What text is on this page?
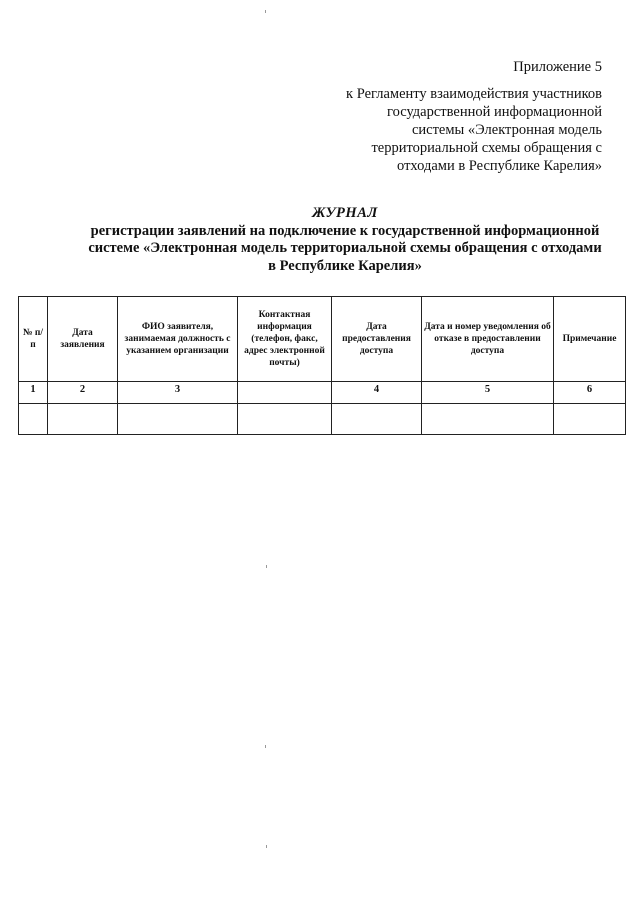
Приложение 5
к Регламенту взаимодействия участников
государственной информационной
системы «Электронная модель
территориальной схемы обращения с
отходами в Республике Карелия»
ЖУРНАЛ
регистрации заявлений на подключение к государственной информационной
системе «Электронная модель территориальной схемы обращения с отходами
в Республике Карелия»
№ п/п	Дата заявления	ФИО заявителя, занимаемая должность с указанием организации	Контактная информация (телефон, факс, адрес электронной почты)	Дата предоставления доступа	Дата и номер уведомления об отказе в предоставлении доступа	Примечание
1	2	3		4	5	6
